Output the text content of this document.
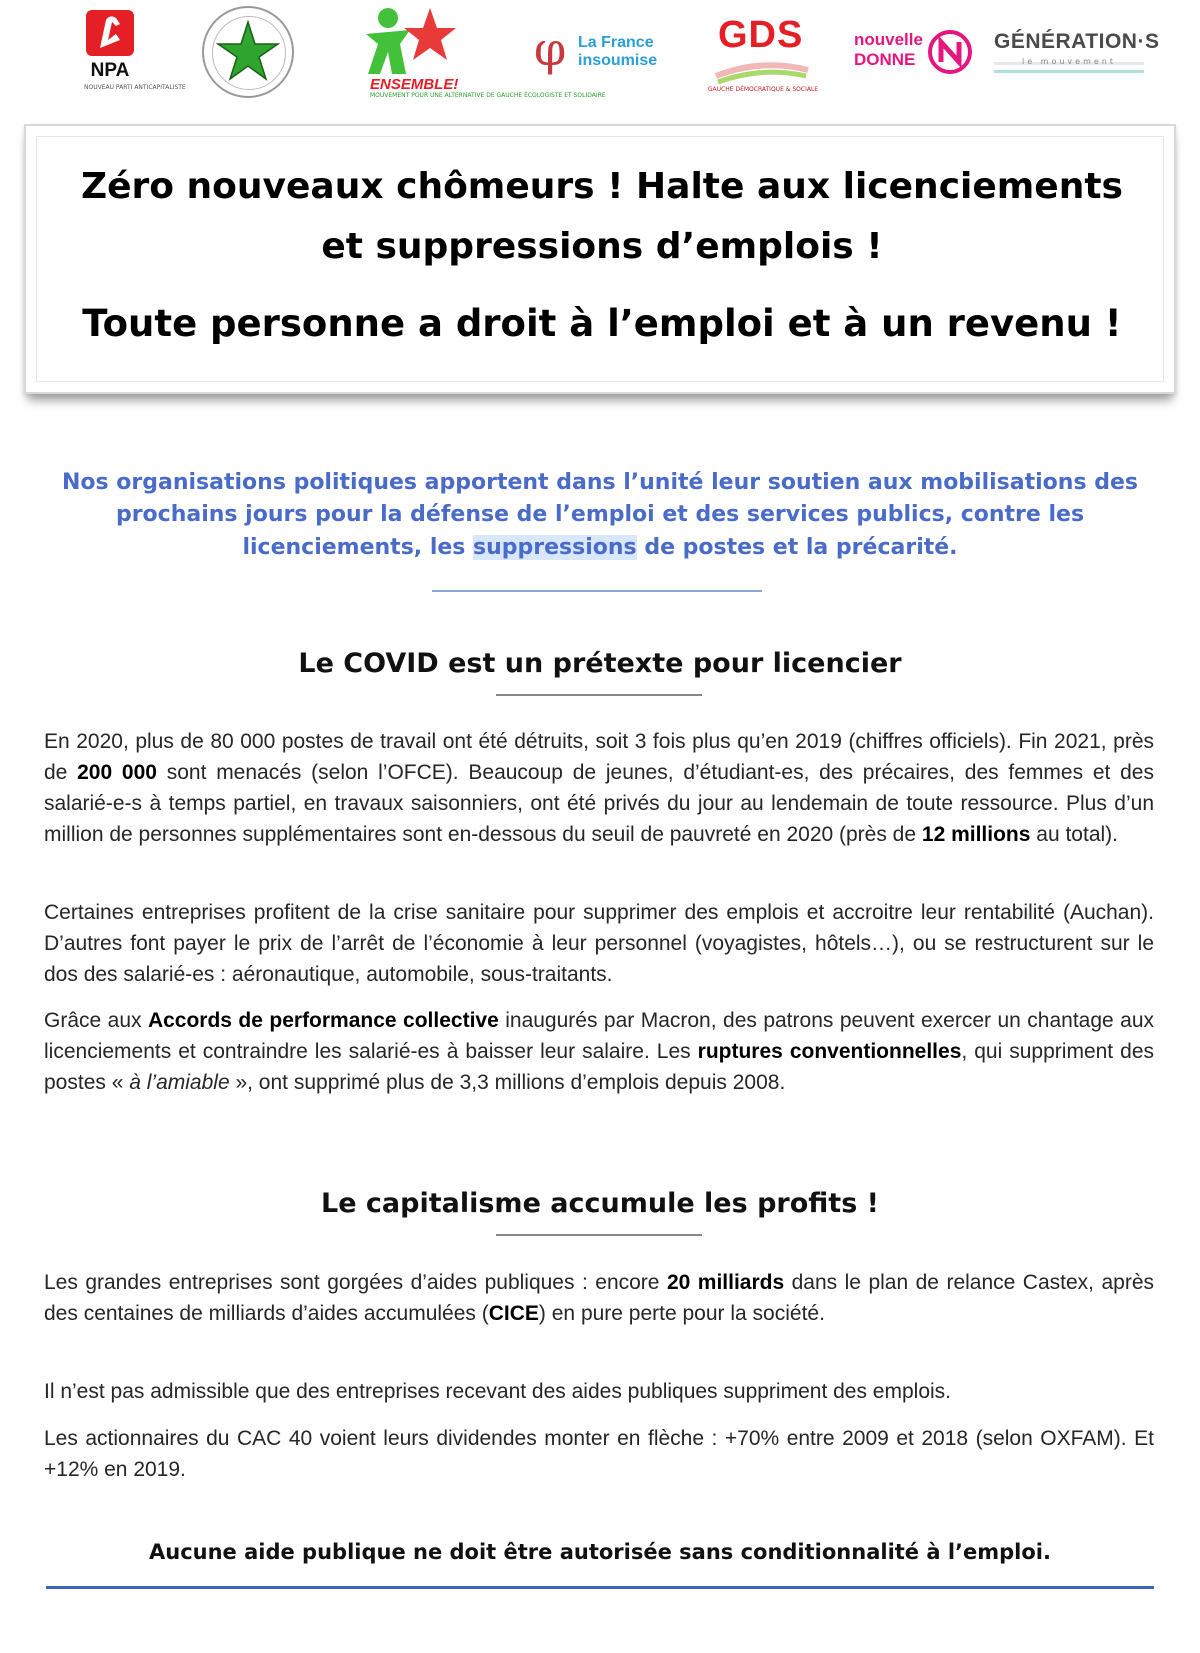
NPA
NOUVEAU PARTI ANTICAPITALISTE	ENSEMBLE!
MOUVEMENT POUR UNE ALTERNATIVE DE GAUCHE ÉCOLOGISTE ET SOLIDAIRE
φ La France
insoumise
GDS
GAUCHE DÉMOCRATIQUE & SOCIALE
nouvelle
DONNE
GÉNÉRATION·S
le mouvement
Zéro nouveaux chômeurs ! Halte aux licenciements
et suppressions d’emplois !
Toute personne a droit à l’emploi et à un revenu !
Nos organisations politiques apportent dans l’unité leur soutien aux mobilisations des
prochains jours pour la défense de l’emploi et des services publics, contre les
licenciements, les suppressions de postes et la précarité.
Le COVID est un prétexte pour licencier
En 2020, plus de 80 000 postes de travail ont été détruits, soit 3 fois plus qu’en 2019 (chiffres officiels). Fin 2021, près de 200 000 sont menacés (selon l’OFCE). Beaucoup de jeunes, d’étudiant-es, des précaires, des femmes et des salarié-e-s à temps partiel, en travaux saisonniers, ont été privés du jour au lendemain de toute ressource. Plus d’un million de personnes supplémentaires sont en-dessous du seuil de pauvreté en 2020 (près de 12 millions au total).
Certaines entreprises profitent de la crise sanitaire pour supprimer des emplois et accroitre leur rentabilité (Auchan). D’autres font payer le prix de l’arrêt de l’économie à leur personnel (voyagistes, hôtels…), ou se restructurent sur le dos des salarié-es : aéronautique, automobile, sous-traitants.
Grâce aux Accords de performance collective inaugurés par Macron, des patrons peuvent exercer un chantage aux licenciements et contraindre les salarié-es à baisser leur salaire. Les ruptures conventionnelles, qui suppriment des postes « à l’amiable », ont supprimé plus de 3,3 millions d’emplois depuis 2008.
Le capitalisme accumule les profits !
Les grandes entreprises sont gorgées d’aides publiques : encore 20 milliards dans le plan de relance Castex, après des centaines de milliards d’aides accumulées (CICE) en pure perte pour la société.
Il n’est pas admissible que des entreprises recevant des aides publiques suppriment des emplois.
Les actionnaires du CAC 40 voient leurs dividendes monter en flèche : +70% entre 2009 et 2018 (selon OXFAM). Et +12% en 2019.
Aucune aide publique ne doit être autorisée sans conditionnalité à l’emploi.
